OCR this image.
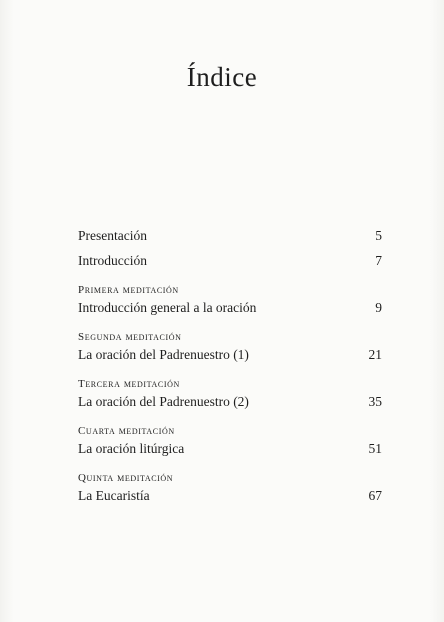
Índice
Presentación	5
Introducción	7
Primera meditación
Introducción general a la oración	9
Segunda meditación
La oración del Padrenuestro (1)	21
Tercera meditación
La oración del Padrenuestro (2)	35
Cuarta meditación
La oración litúrgica	51
Quinta meditación
La Eucaristía	67
